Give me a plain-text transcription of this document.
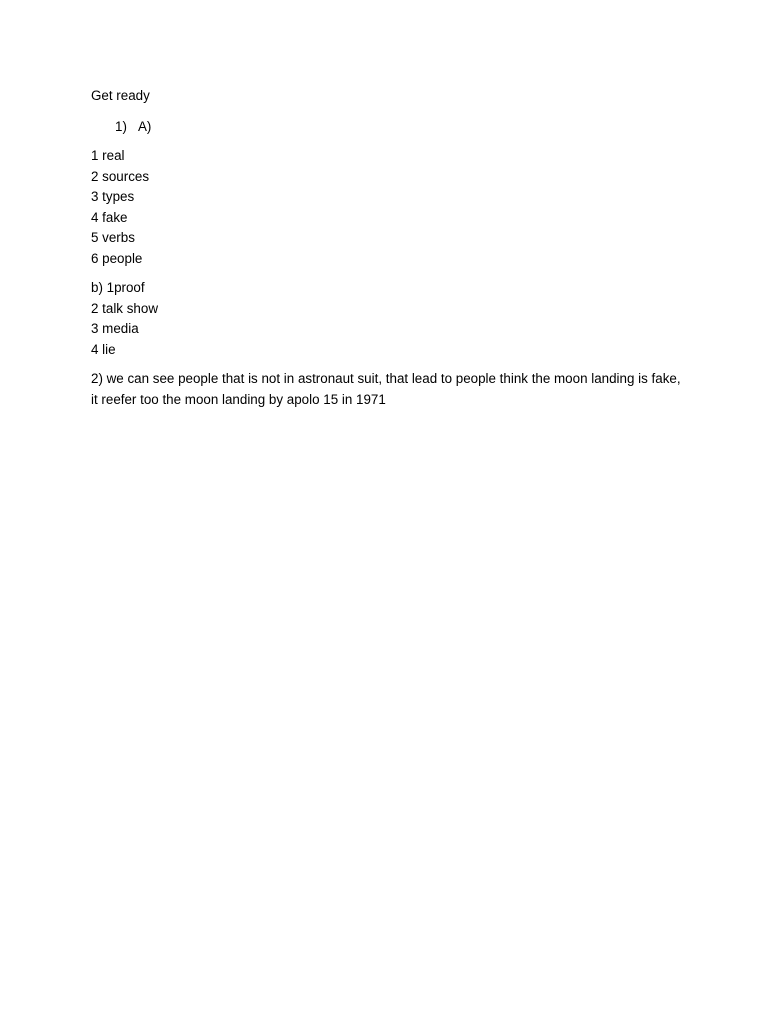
Get ready
1) A)
1 real
2 sources
3 types
4 fake
5 verbs
6 people
b) 1proof
2 talk show
3 media
4 lie
2) we can see people that is not in astronaut suit, that lead to people think the moon landing is fake, it reefer too the moon landing by apolo 15 in 1971
